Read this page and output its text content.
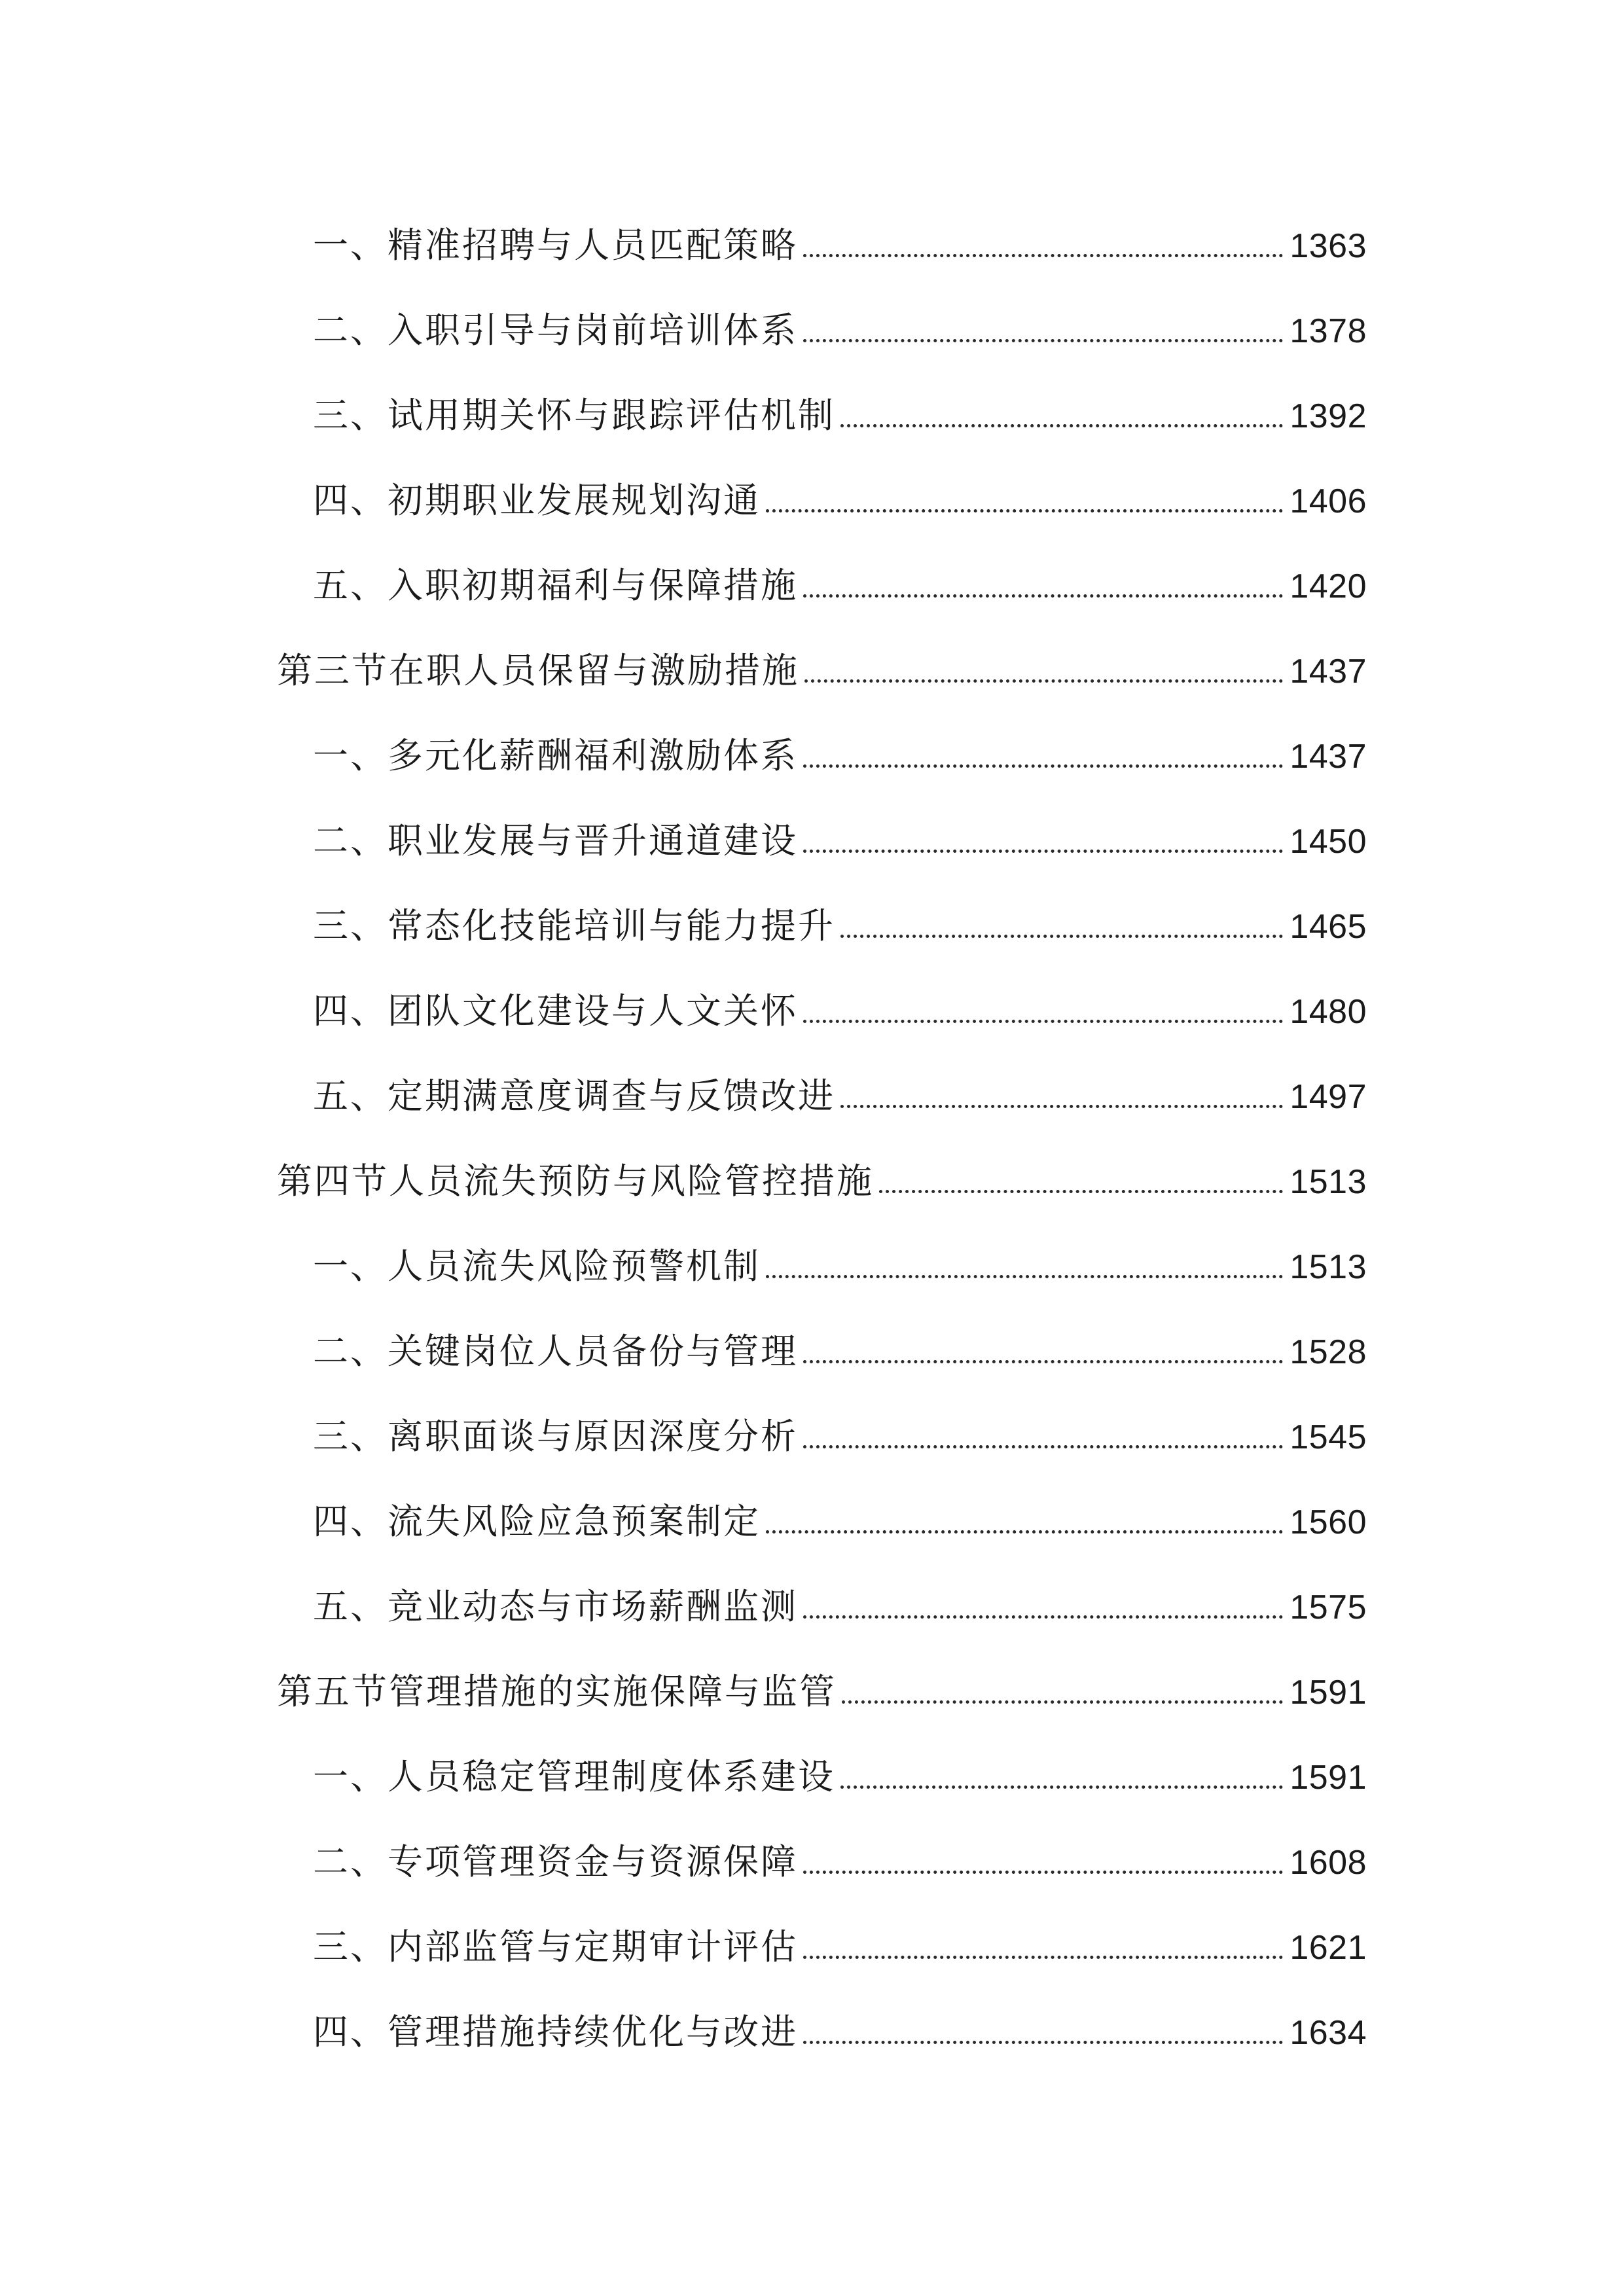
一、精准招聘与人员匹配策略	1363
二、入职引导与岗前培训体系	1378
三、试用期关怀与跟踪评估机制	1392
四、初期职业发展规划沟通	1406
五、入职初期福利与保障措施	1420
第三节在职人员保留与激励措施	1437
一、多元化薪酬福利激励体系	1437
二、职业发展与晋升通道建设	1450
三、常态化技能培训与能力提升	1465
四、团队文化建设与人文关怀	1480
五、定期满意度调查与反馈改进	1497
第四节人员流失预防与风险管控措施	1513
一、人员流失风险预警机制	1513
二、关键岗位人员备份与管理	1528
三、离职面谈与原因深度分析	1545
四、流失风险应急预案制定	1560
五、竞业动态与市场薪酬监测	1575
第五节管理措施的实施保障与监管	1591
一、人员稳定管理制度体系建设	1591
二、专项管理资金与资源保障	1608
三、内部监管与定期审计评估	1621
四、管理措施持续优化与改进	1634
